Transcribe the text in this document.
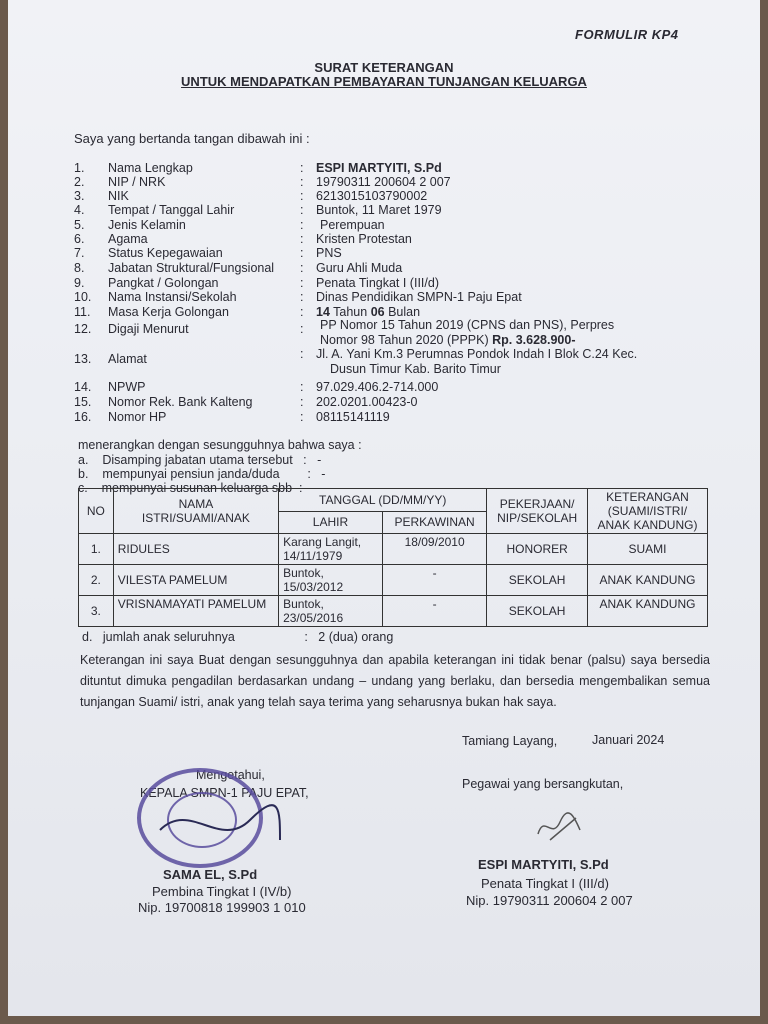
FORMULIR KP4
SURAT KETERANGAN
UNTUK MENDAPATKAN PEMBAYARAN TUNJANGAN KELUARGA
Saya yang bertanda tangan dibawah ini :
1. Nama Lengkap	: ESPI MARTYITI, S.Pd
2. NIP / NRK	: 19790311 200604 2 007
3. NIK	: 6213015103790002
4. Tempat / Tanggal Lahir	: Buntok, 11 Maret 1979
5. Jenis Kelamin	: Perempuan
6. Agama	: Kristen Protestan
7. Status Kepegawaian	: PNS
8. Jabatan Struktural/Fungsional : Guru Ahli Muda
9. Pangkat / Golongan	: Penata Tingkat I (III/d)
10. Nama Instansi/Sekolah	: Dinas Pendidikan SMPN-1 Paju Epat
11. Masa Kerja Golongan	: 14 Tahun 06 Bulan
12. Digaji Menurut	: PP Nomor 15 Tahun 2019 (CPNS dan PNS), Perpres
Nomor 98 Tahun 2020 (PPPK) Rp. 3.628.900-
13. Alamat	: Jl. A. Yani Km.3 Perumnas Pondok Indah I Blok C.24 Kec.
Dusun Timur Kab. Barito Timur
14. NPWP	: 97.029.406.2-714.000
15. Nomor Rek. Bank Kalteng	: 202.0201.00423-0
16. Nomor HP	: 08115141119
menerangkan dengan sesungguhnya bahwa saya :
a. Disamping jabatan utama tersebut : -
b. mempunyai pensiun janda/duda : -
c. mempunyai susunan keluarga sbb :
NO	NAMA
ISTRI/SUAMI/ANAK	TANGGAL (DD/MM/YY)		PEKERJAAN/
NIP/SEKOLAH	KETERANGAN
(SUAMI/ISTRI/
ANAK KANDUNG)
		LAHIR	PERKAWINAN		
1.	RIDULES	Karang Langit,
14/11/1979	18/09/2010	HONORER	SUAMI
2.	VILESTA PAMELUM	Buntok,
15/03/2012	-	SEKOLAH	ANAK KANDUNG
3.	VRISNAMAYATI PAMELUM	Buntok,
23/05/2016	-	SEKOLAH	ANAK KANDUNG
d. jumlah anak seluruhnya	: 2 (dua) orang
Keterangan ini saya Buat dengan sesungguhnya dan apabila keterangan ini tidak benar (palsu) saya bersedia dituntut dimuka pengadilan berdasarkan undang – undang yang berlaku, dan bersedia mengembalikan semua tunjangan Suami/ istri, anak yang telah saya terima yang seharusnya bukan hak saya.
Tamiang Layang,	Januari 2024
Mengetahui,
KEPALA SMPN-1 PAJU EPAT,
SAMA EL, S.Pd
Pembina Tingkat I (IV/b)
Nip. 19700818 199903 1 010
Pegawai yang bersangkutan,
ESPI MARTYITI, S.Pd
Penata Tingkat I (III/d)
Nip. 19790311 200604 2 007
